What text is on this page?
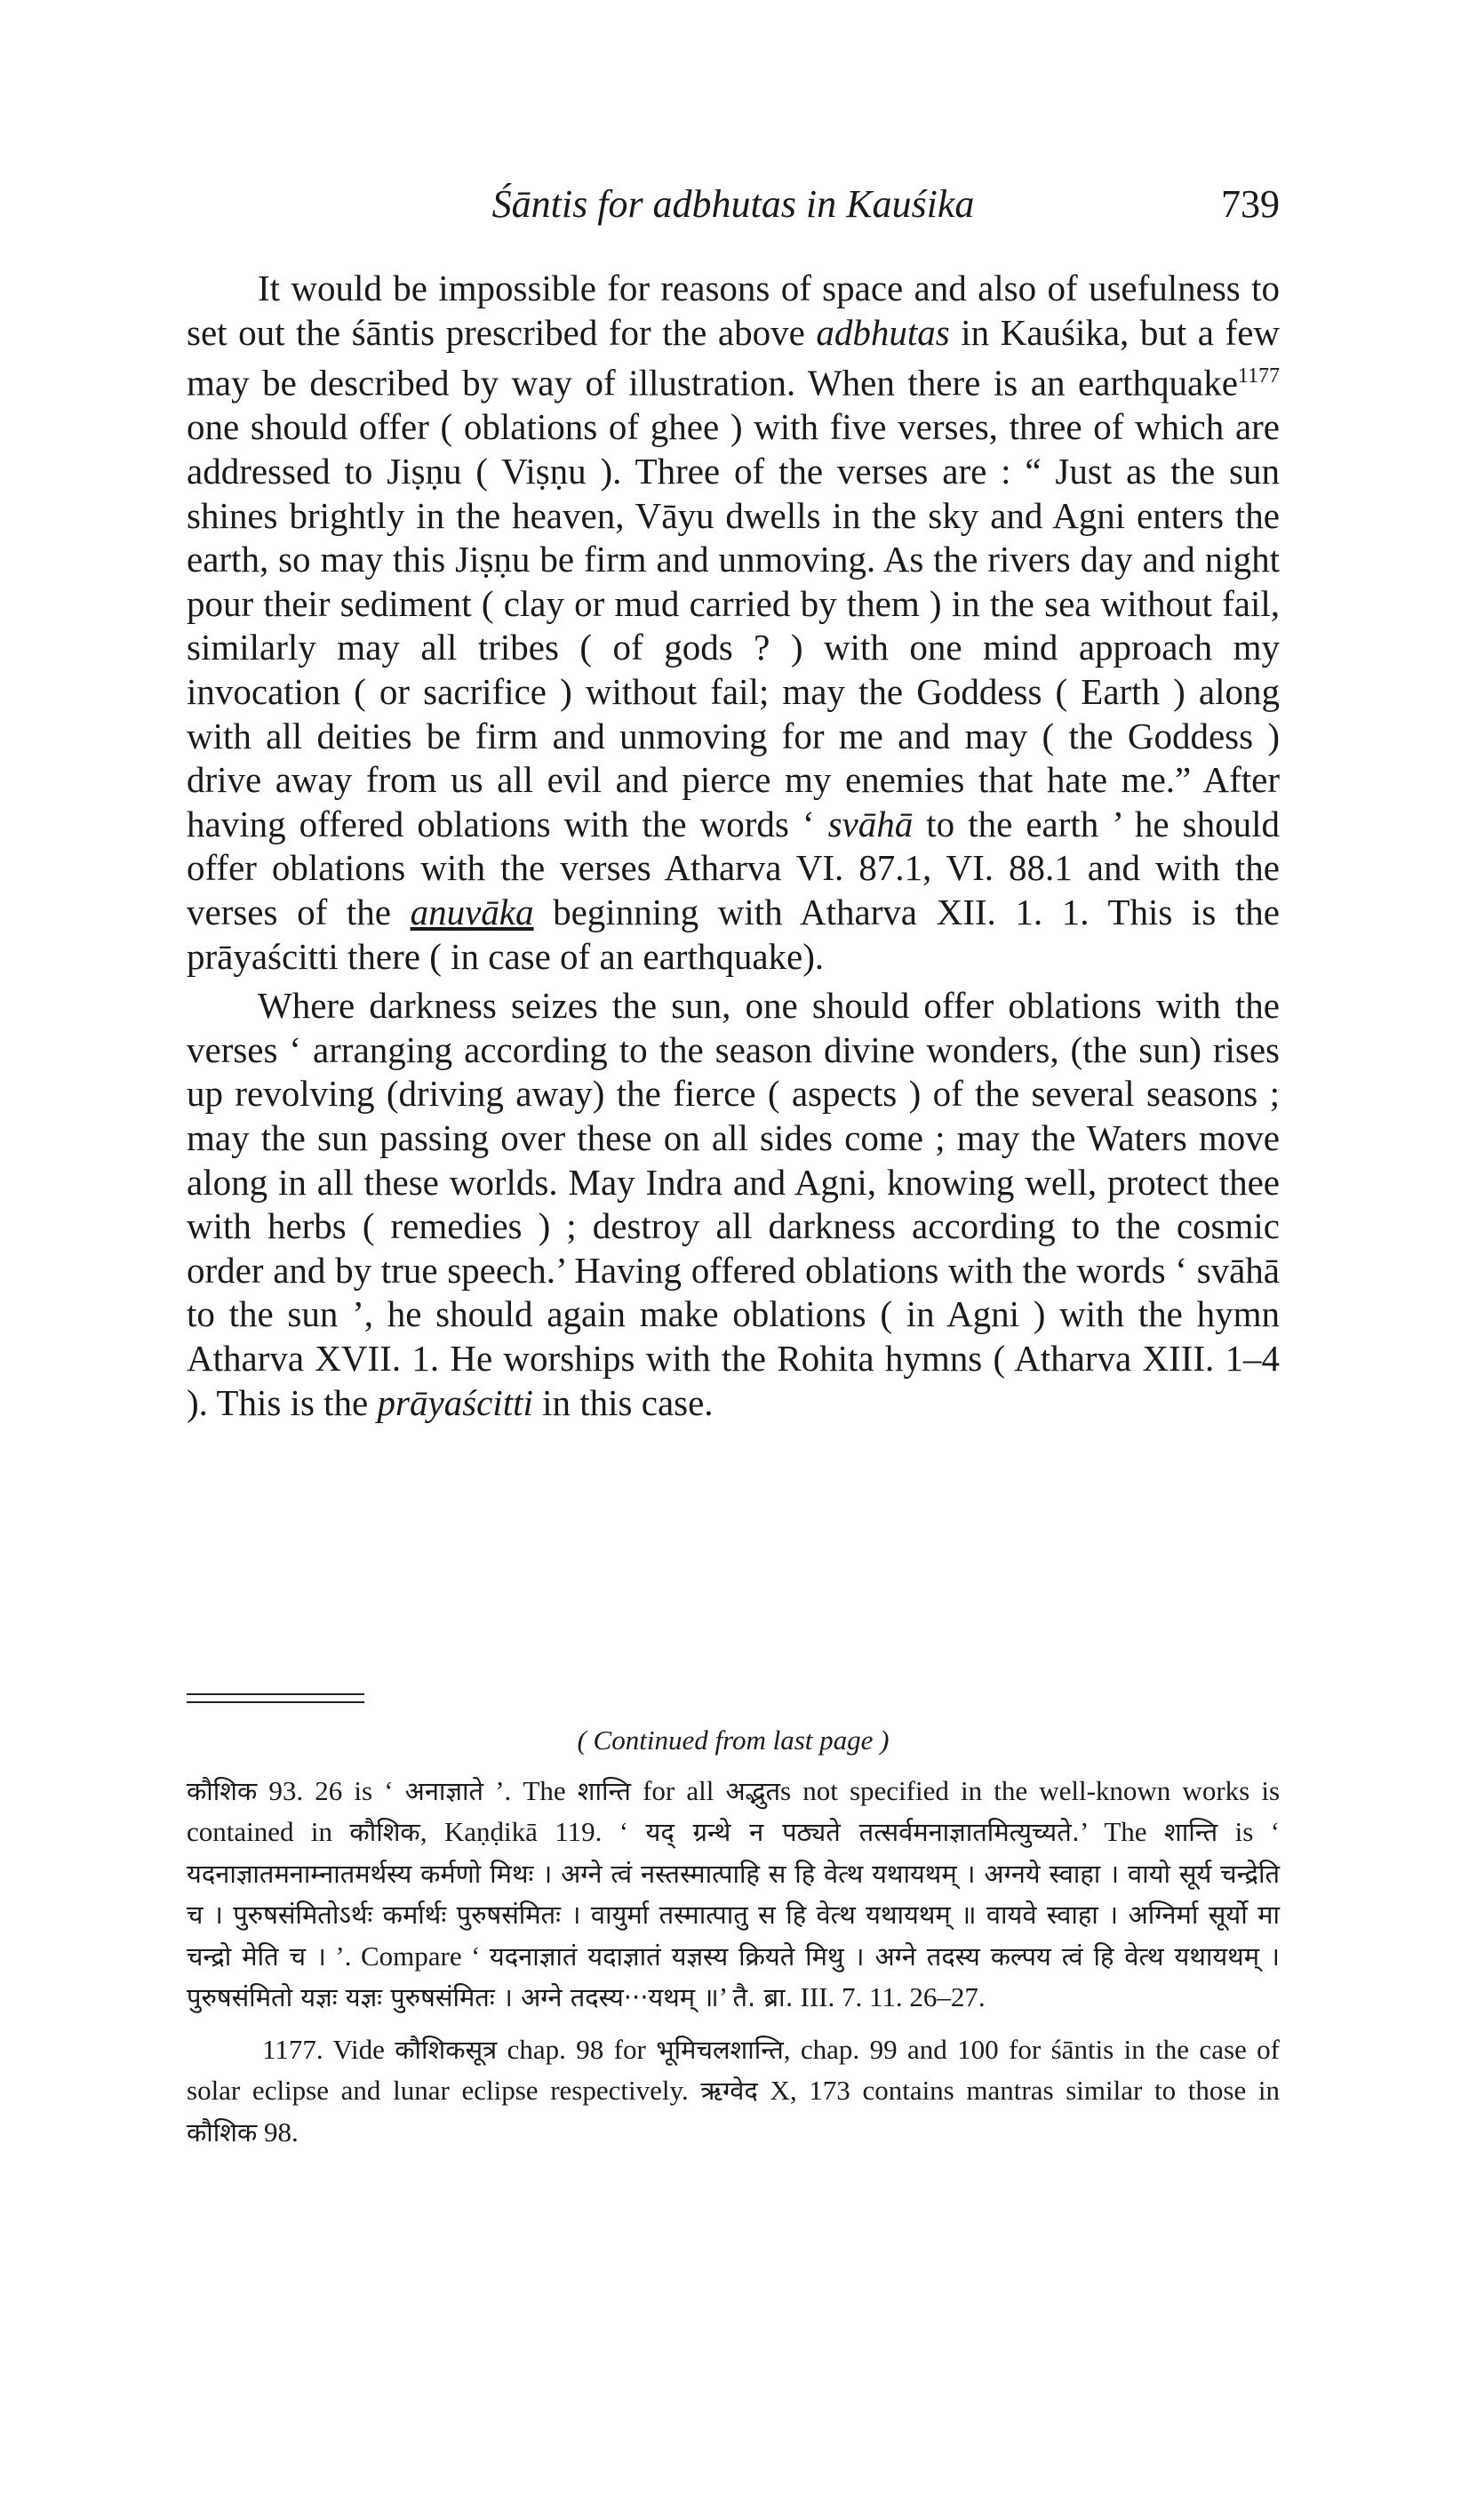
Śāntis for adbhutas in Kauśika	739

It would be impossible for reasons of space and also of usefulness to set out the śāntis prescribed for the above adbhutas in Kauśika, but a few may be described by way of illustration. When there is an earthquake$^{1177}$ one should offer ( oblations of ghee ) with five verses, three of which are addressed to Jiṣṇu ( Viṣṇu ). Three of the verses are : “ Just as the sun shines brightly in the heaven, Vāyu dwells in the sky and Agni enters the earth, so may this Jiṣṇu be firm and unmoving. As the rivers day and night pour their sediment ( clay or mud carried by them ) in the sea without fail, similarly may all tribes ( of gods ? ) with one mind approach my invocation ( or sacrifice ) without fail; may the Goddess ( Earth ) along with all deities be firm and unmoving for me and may ( the Goddess ) drive away from us all evil and pierce my enemies that hate me.” After having offered oblations with the words ‘ svāhā to the earth ’ he should offer oblations with the verses Atharva VI. 87.1, VI. 88.1 and with the verses of the anuvāka beginning with Atharva XII. 1. 1. This is the prāyaścitti there ( in case of an earthquake).

Where darkness seizes the sun, one should offer oblations with the verses ‘ arranging according to the season divine wonders, (the sun) rises up revolving (driving away) the fierce ( aspects ) of the several seasons ; may the sun passing over these on all sides come ; may the Waters move along in all these worlds. May Indra and Agni, knowing well, protect thee with herbs ( remedies ) ; destroy all darkness according to the cosmic order and by true speech.’ Having offered oblations with the words ‘ svāhā to the sun ’, he should again make oblations ( in Agni ) with the hymn Atharva XVII. 1. He worships with the Rohita hymns ( Atharva XIII. 1–4 ). This is the prāyaścitti in this case.

( Continued from last page )

कौशिक 93. 26 is ‘ अनाज्ञाते ’. The शान्ति for all अद्भुतs not specified in the well-known works is contained in कौशिक, Kaṇḍikā 119. ‘ यद् ग्रन्थे न पठ्यते तत्सर्वमनाज्ञातमित्युच्यते.’ The शान्ति is ‘ यदनाज्ञातमनाम्नातमर्थस्य कर्मणो मिथः । अग्ने त्वं नस्तस्मात्पाहि स हि वेत्थ यथायथम् । अग्नये स्वाहा । वायो सूर्य चन्द्रेति च । पुरुषसंमितोऽर्थः कर्मार्थः पुरुषसंमितः । वायुर्मा तस्मात्पातु स हि वेत्थ यथायथम् ॥ वायवे स्वाहा । अग्निर्मा सूर्यो मा चन्द्रो मेति च । ’. Compare ‘ यदनाज्ञातं यदाज्ञातं यज्ञस्य क्रियते मिथु । अग्ने तदस्य कल्पय त्वं हि वेत्थ यथायथम् । पुरुषसंमितो यज्ञः यज्ञः पुरुषसंमितः । अग्ने तदस्य···यथम् ॥’ तै. ब्रा. III. 7. 11. 26–27.

1177. Vide कौशिकसूत्र chap. 98 for भूमिचलशान्ति, chap. 99 and 100 for śāntis in the case of solar eclipse and lunar eclipse respectively. ऋग्वेद X, 173 contains mantras similar to those in कौशिक 98.
